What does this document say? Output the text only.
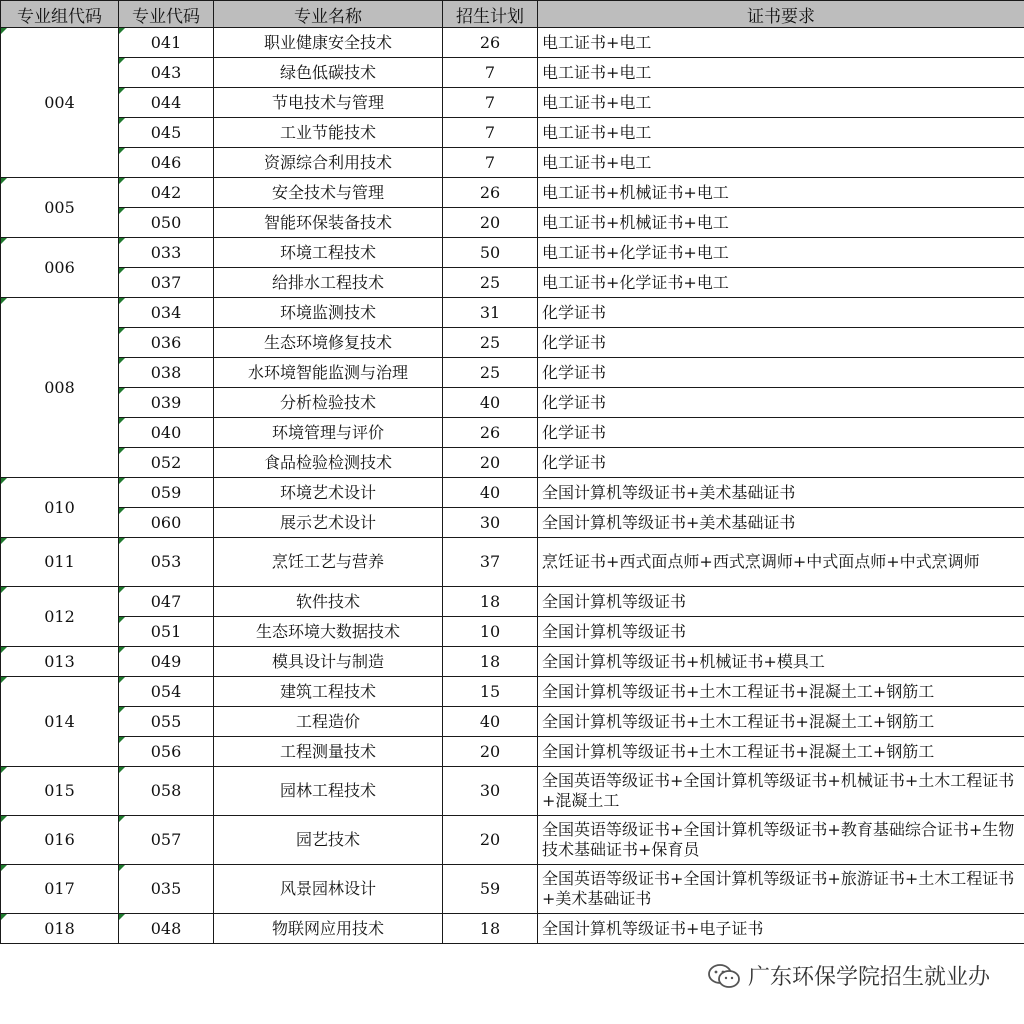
专业组代码	专业代码	专业名称	招生计划	证书要求
004	041	职业健康安全技术	26	电工证书+电工
	043	绿色低碳技术	7	电工证书+电工
	044	节电技术与管理	7	电工证书+电工
	045	工业节能技术	7	电工证书+电工
	046	资源综合利用技术	7	电工证书+电工
005	042	安全技术与管理	26	电工证书+机械证书+电工
	050	智能环保装备技术	20	电工证书+机械证书+电工
006	033	环境工程技术	50	电工证书+化学证书+电工
	037	给排水工程技术	25	电工证书+化学证书+电工
008	034	环境监测技术	31	化学证书
	036	生态环境修复技术	25	化学证书
	038	水环境智能监测与治理	25	化学证书
	039	分析检验技术	40	化学证书
	040	环境管理与评价	26	化学证书
	052	食品检验检测技术	20	化学证书
010	059	环境艺术设计	40	全国计算机等级证书+美术基础证书
	060	展示艺术设计	30	全国计算机等级证书+美术基础证书
011	053	烹饪工艺与营养	37	烹饪证书+西式面点师+西式烹调师+中式面点师+中式烹调师
012	047	软件技术	18	全国计算机等级证书
	051	生态环境大数据技术	10	全国计算机等级证书
013	049	模具设计与制造	18	全国计算机等级证书+机械证书+模具工
014	054	建筑工程技术	15	全国计算机等级证书+土木工程证书+混凝土工+钢筋工
	055	工程造价	40	全国计算机等级证书+土木工程证书+混凝土工+钢筋工
	056	工程测量技术	20	全国计算机等级证书+土木工程证书+混凝土工+钢筋工
015	058	园林工程技术	30	全国英语等级证书+全国计算机等级证书+机械证书+土木工程证书+混凝土工
016	057	园艺技术	20	全国英语等级证书+全国计算机等级证书+教育基础综合证书+生物技术基础证书+保育员
017	035	风景园林设计	59	全国英语等级证书+全国计算机等级证书+旅游证书+土木工程证书+美术基础证书
018	048	物联网应用技术	18	全国计算机等级证书+电子证书
广东环保学院招生就业办
